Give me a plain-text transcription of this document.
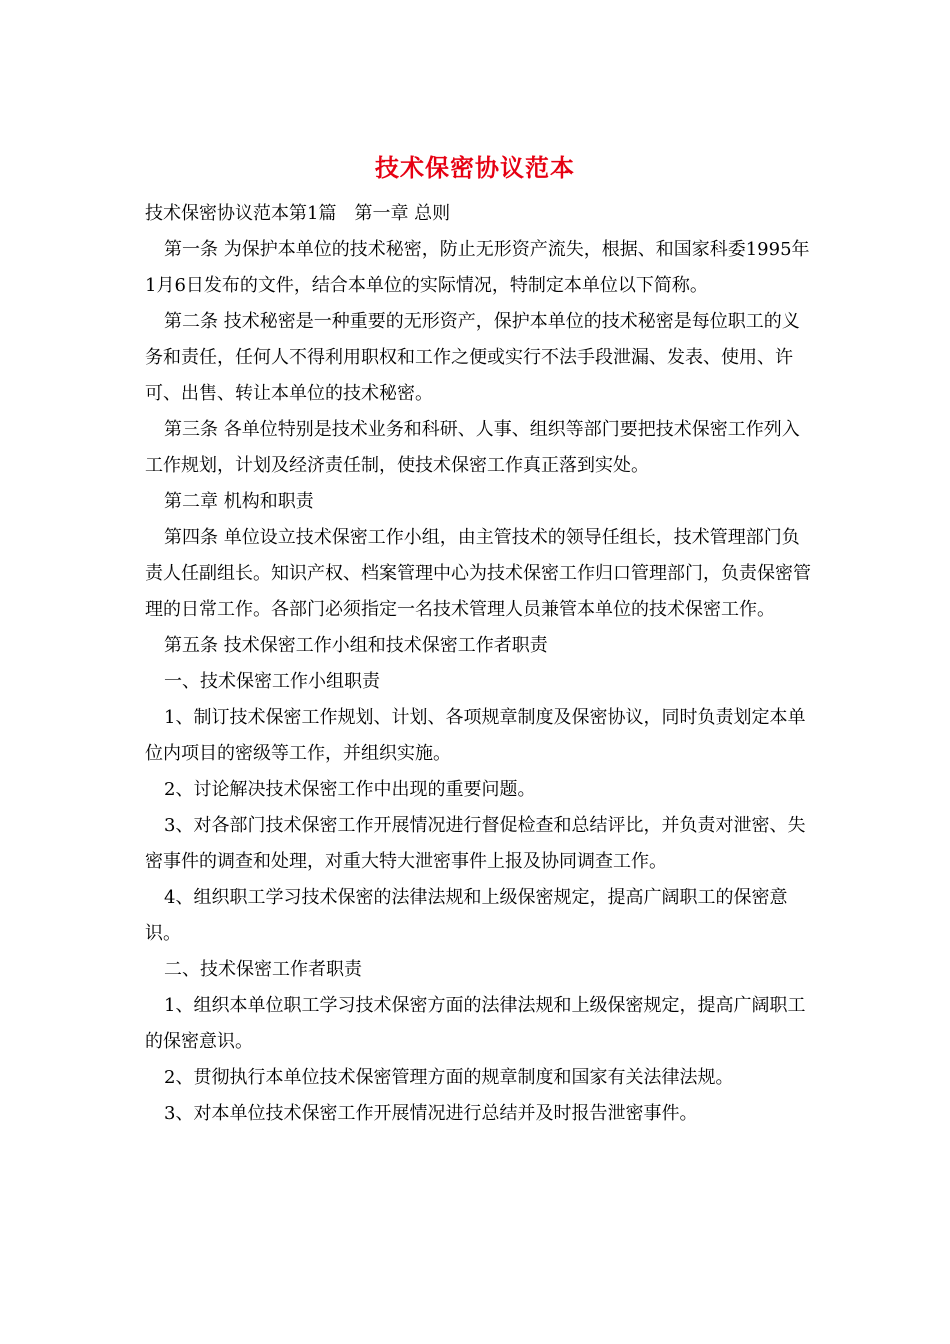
技术保密协议范本

技术保密协议范本第1篇　第一章 总则

第一条 为保护本单位的技术秘密，防止无形资产流失，根据、和国家科委1995年1月6日发布的文件，结合本单位的实际情况，特制定本单位以下简称。

第二条 技术秘密是一种重要的无形资产，保护本单位的技术秘密是每位职工的义务和责任，任何人不得利用职权和工作之便或实行不法手段泄漏、发表、使用、许可、出售、转让本单位的技术秘密。

第三条 各单位特别是技术业务和科研、人事、组织等部门要把技术保密工作列入工作规划，计划及经济责任制，使技术保密工作真正落到实处。

第二章 机构和职责

第四条 单位设立技术保密工作小组，由主管技术的领导任组长，技术管理部门负责人任副组长。知识产权、档案管理中心为技术保密工作归口管理部门，负责保密管理的日常工作。各部门必须指定一名技术管理人员兼管本单位的技术保密工作。

第五条 技术保密工作小组和技术保密工作者职责

一、技术保密工作小组职责

1、制订技术保密工作规划、计划、各项规章制度及保密协议，同时负责划定本单位内项目的密级等工作，并组织实施。

2、讨论解决技术保密工作中出现的重要问题。

3、对各部门技术保密工作开展情况进行督促检查和总结评比，并负责对泄密、失密事件的调查和处理，对重大特大泄密事件上报及协同调查工作。

4、组织职工学习技术保密的法律法规和上级保密规定，提高广阔职工的保密意识。

二、技术保密工作者职责

1、组织本单位职工学习技术保密方面的法律法规和上级保密规定，提高广阔职工的保密意识。

2、贯彻执行本单位技术保密管理方面的规章制度和国家有关法律法规。

3、对本单位技术保密工作开展情况进行总结并及时报告泄密事件。
